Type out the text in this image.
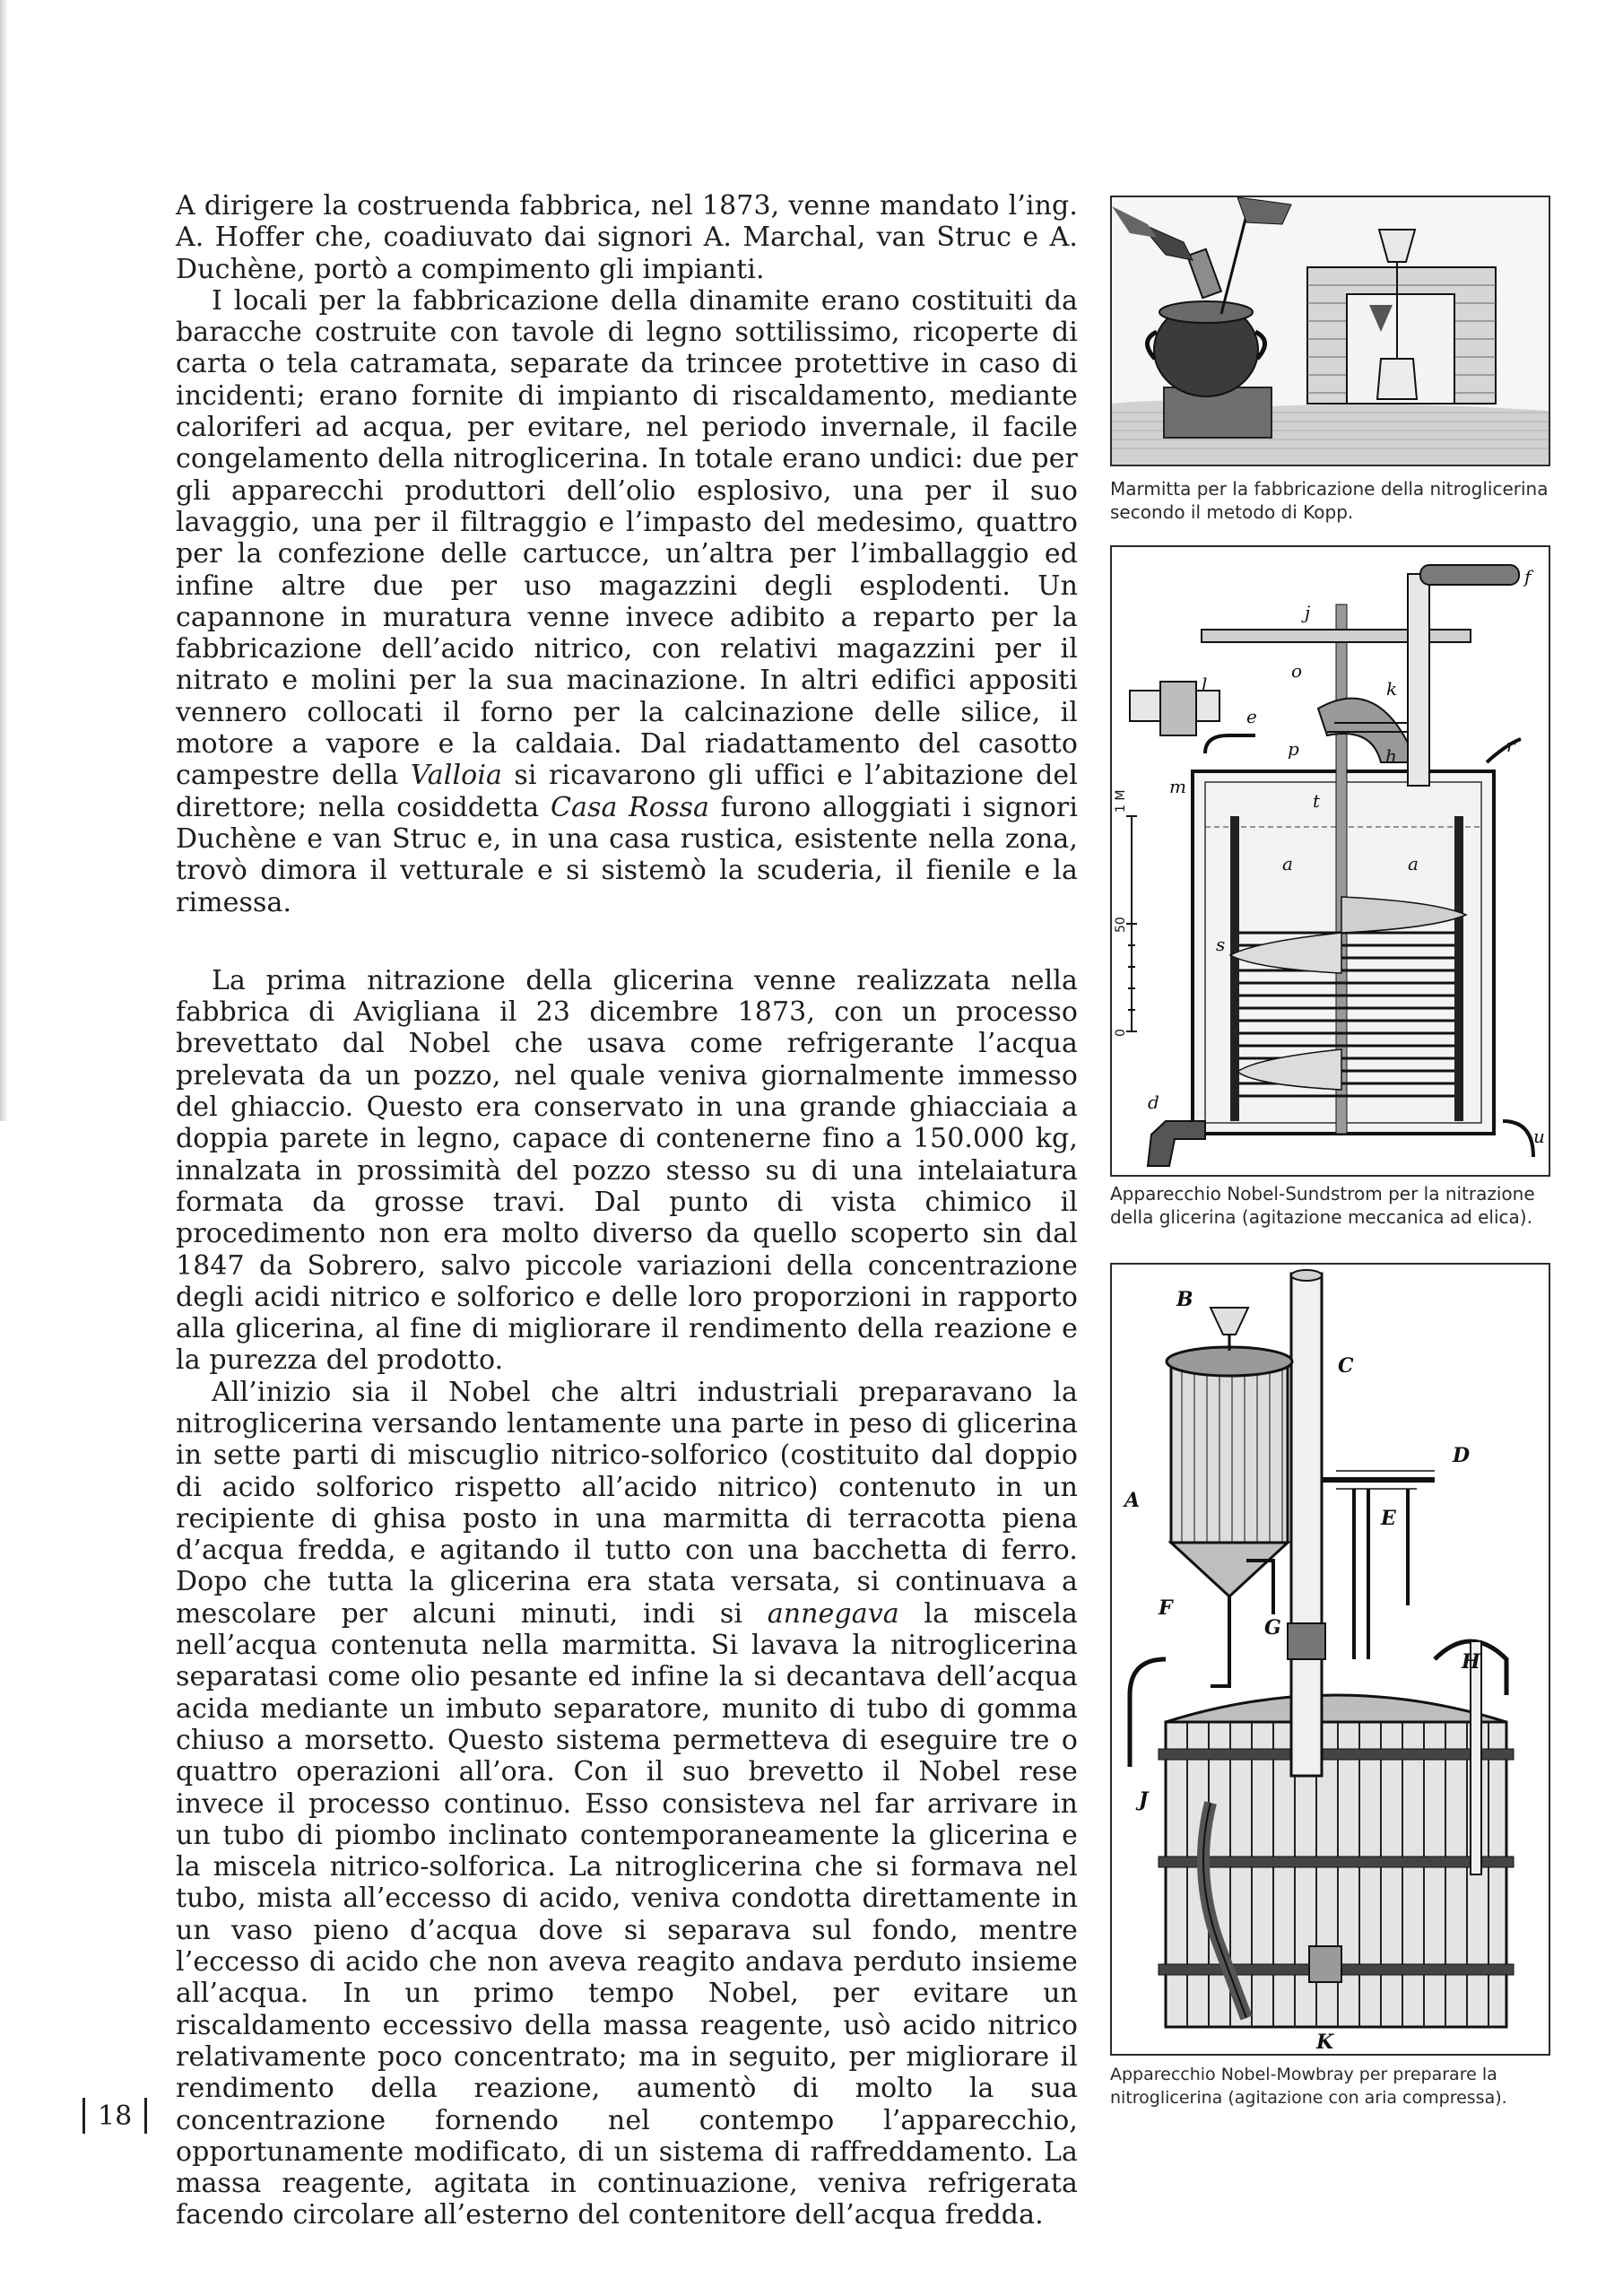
A dirigere la costruenda fabbrica, nel 1873, venne mandato l’ing. A. Hoffer che, coadiuvato dai signori A. Marchal, van Struc e A. Duchène, portò a compimento gli impianti.

I locali per la fabbricazione della dinamite erano costituiti da baracche costruite con tavole di legno sottilissimo, ricoperte di carta o tela catramata, separate da trincee protettive in caso di incidenti; erano fornite di impianto di riscaldamento, mediante caloriferi ad acqua, per evitare, nel periodo invernale, il facile congelamento della nitroglicerina. In totale erano undici: due per gli apparecchi produttori dell’olio esplosivo, una per il suo lavaggio, una per il filtraggio e l’impasto del medesimo, quattro per la confezione delle cartucce, un’altra per l’imballaggio ed infine altre due per uso magazzini degli esplodenti. Un capannone in muratura venne invece adibito a reparto per la fabbricazione dell’acido nitrico, con relativi magazzini per il nitrato e molini per la sua macinazione. In altri edifici appositi vennero collocati il forno per la calcinazione delle silice, il motore a vapore e la caldaia. Dal riadattamento del casotto campestre della Valloia si ricavarono gli uffici e l’abitazione del direttore; nella cosiddetta Casa Rossa furono alloggiati i signori Duchène e van Struc e, in una casa rustica, esistente nella zona, trovò dimora il vetturale e si sistemò la scuderia, il fienile e la rimessa.

La prima nitrazione della glicerina venne realizzata nella fabbrica di Avigliana il 23 dicembre 1873, con un processo brevettato dal Nobel che usava come refrigerante l’acqua prelevata da un pozzo, nel quale veniva giornalmente immesso del ghiaccio. Questo era conservato in una grande ghiacciaia a doppia parete in legno, capace di contenerne fino a 150.000 kg, innalzata in prossimità del pozzo stesso su di una intelaiatura formata da grosse travi. Dal punto di vista chimico il procedimento non era molto diverso da quello scoperto sin dal 1847 da Sobrero, salvo piccole variazioni della concentrazione degli acidi nitrico e solforico e delle loro proporzioni in rapporto alla glicerina, al fine di migliorare il rendimento della reazione e la purezza del prodotto.

All’inizio sia il Nobel che altri industriali preparavano la nitroglicerina versando lentamente una parte in peso di glicerina in sette parti di miscuglio nitrico-solforico (costituito dal doppio di acido solforico rispetto all’acido nitrico) contenuto in un recipiente di ghisa posto in una marmitta di terracotta piena d’acqua fredda, e agitando il tutto con una bacchetta di ferro. Dopo che tutta la glicerina era stata versata, si continuava a mescolare per alcuni minuti, indi si annegava la miscela nell’acqua contenuta nella marmitta. Si lavava la nitroglicerina separatasi come olio pesante ed infine la si decantava dell’acqua acida mediante un imbuto separatore, munito di tubo di gomma chiuso a morsetto. Questo sistema permetteva di eseguire tre o quattro operazioni all’ora. Con il suo brevetto il Nobel rese invece il processo continuo. Esso consisteva nel far arrivare in un tubo di piombo inclinato contemporaneamente la glicerina e la miscela nitrico-solforica. La nitroglicerina che si formava nel tubo, mista all’eccesso di acido, veniva condotta direttamente in un vaso pieno d’acqua dove si separava sul fondo, mentre l’eccesso di acido che non aveva reagito andava perduto insieme all’acqua. In un primo tempo Nobel, per evitare un riscaldamento eccessivo della massa reagente, usò acido nitrico relativamente poco concentrato; ma in seguito, per migliorare il rendimento della reazione, aumentò di molto la sua concentrazione fornendo nel contempo l’apparecchio, opportunamente modificato, di un sistema di raffreddamento. La massa reagente, agitata in continuazione, veniva refrigerata facendo circolare all’esterno del contenitore dell’acqua fredda.

Marmitta per la fabbricazione della nitroglicerina secondo il metodo di Kopp.
j
f
l
o
k
e
p	h	r
m
t
a	a
s
d
u
1 M
50
0
Apparecchio Nobel-Sundstrom per la nitrazione della glicerina (agitazione meccanica ad elica).
B
C
D
A
E
F
G
H
J
K
Apparecchio Nobel-Mowbray per preparare la nitroglicerina (agitazione con aria compressa).
18
